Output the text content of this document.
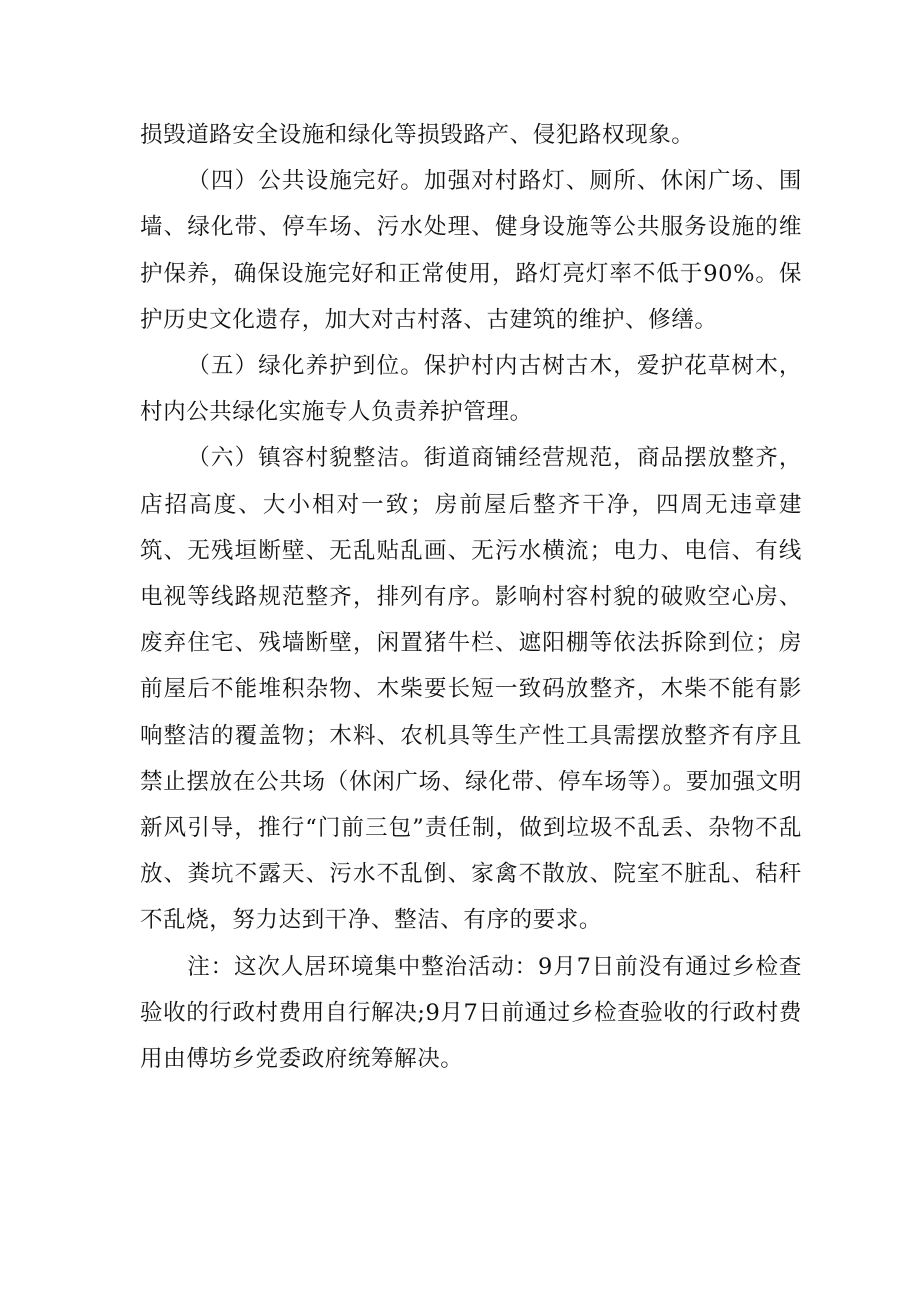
损毁道路安全设施和绿化等损毁路产、侵犯路权现象。

（四）公共设施完好。加强对村路灯、厕所、休闲广场、围墙、绿化带、停车场、污水处理、健身设施等公共服务设施的维护保养，确保设施完好和正常使用，路灯亮灯率不低于90%。保护历史文化遗存，加大对古村落、古建筑的维护、修缮。

（五）绿化养护到位。保护村内古树古木，爱护花草树木，村内公共绿化实施专人负责养护管理。

（六）镇容村貌整洁。街道商铺经营规范，商品摆放整齐，店招高度、大小相对一致；房前屋后整齐干净，四周无违章建筑、无残垣断壁、无乱贴乱画、无污水横流；电力、电信、有线电视等线路规范整齐，排列有序。影响村容村貌的破败空心房、废弃住宅、残墙断壁，闲置猪牛栏、遮阳棚等依法拆除到位；房前屋后不能堆积杂物、木柴要长短一致码放整齐，木柴不能有影响整洁的覆盖物；木料、农机具等生产性工具需摆放整齐有序且禁止摆放在公共场（休闲广场、绿化带、停车场等）。要加强文明新风引导，推行“门前三包”责任制，做到垃圾不乱丢、杂物不乱放、粪坑不露天、污水不乱倒、家禽不散放、院室不脏乱、秸秆不乱烧，努力达到干净、整洁、有序的要求。

注：这次人居环境集中整治活动：9月7日前没有通过乡检查验收的行政村费用自行解决;9月7日前通过乡检查验收的行政村费用由傅坊乡党委政府统筹解决。
